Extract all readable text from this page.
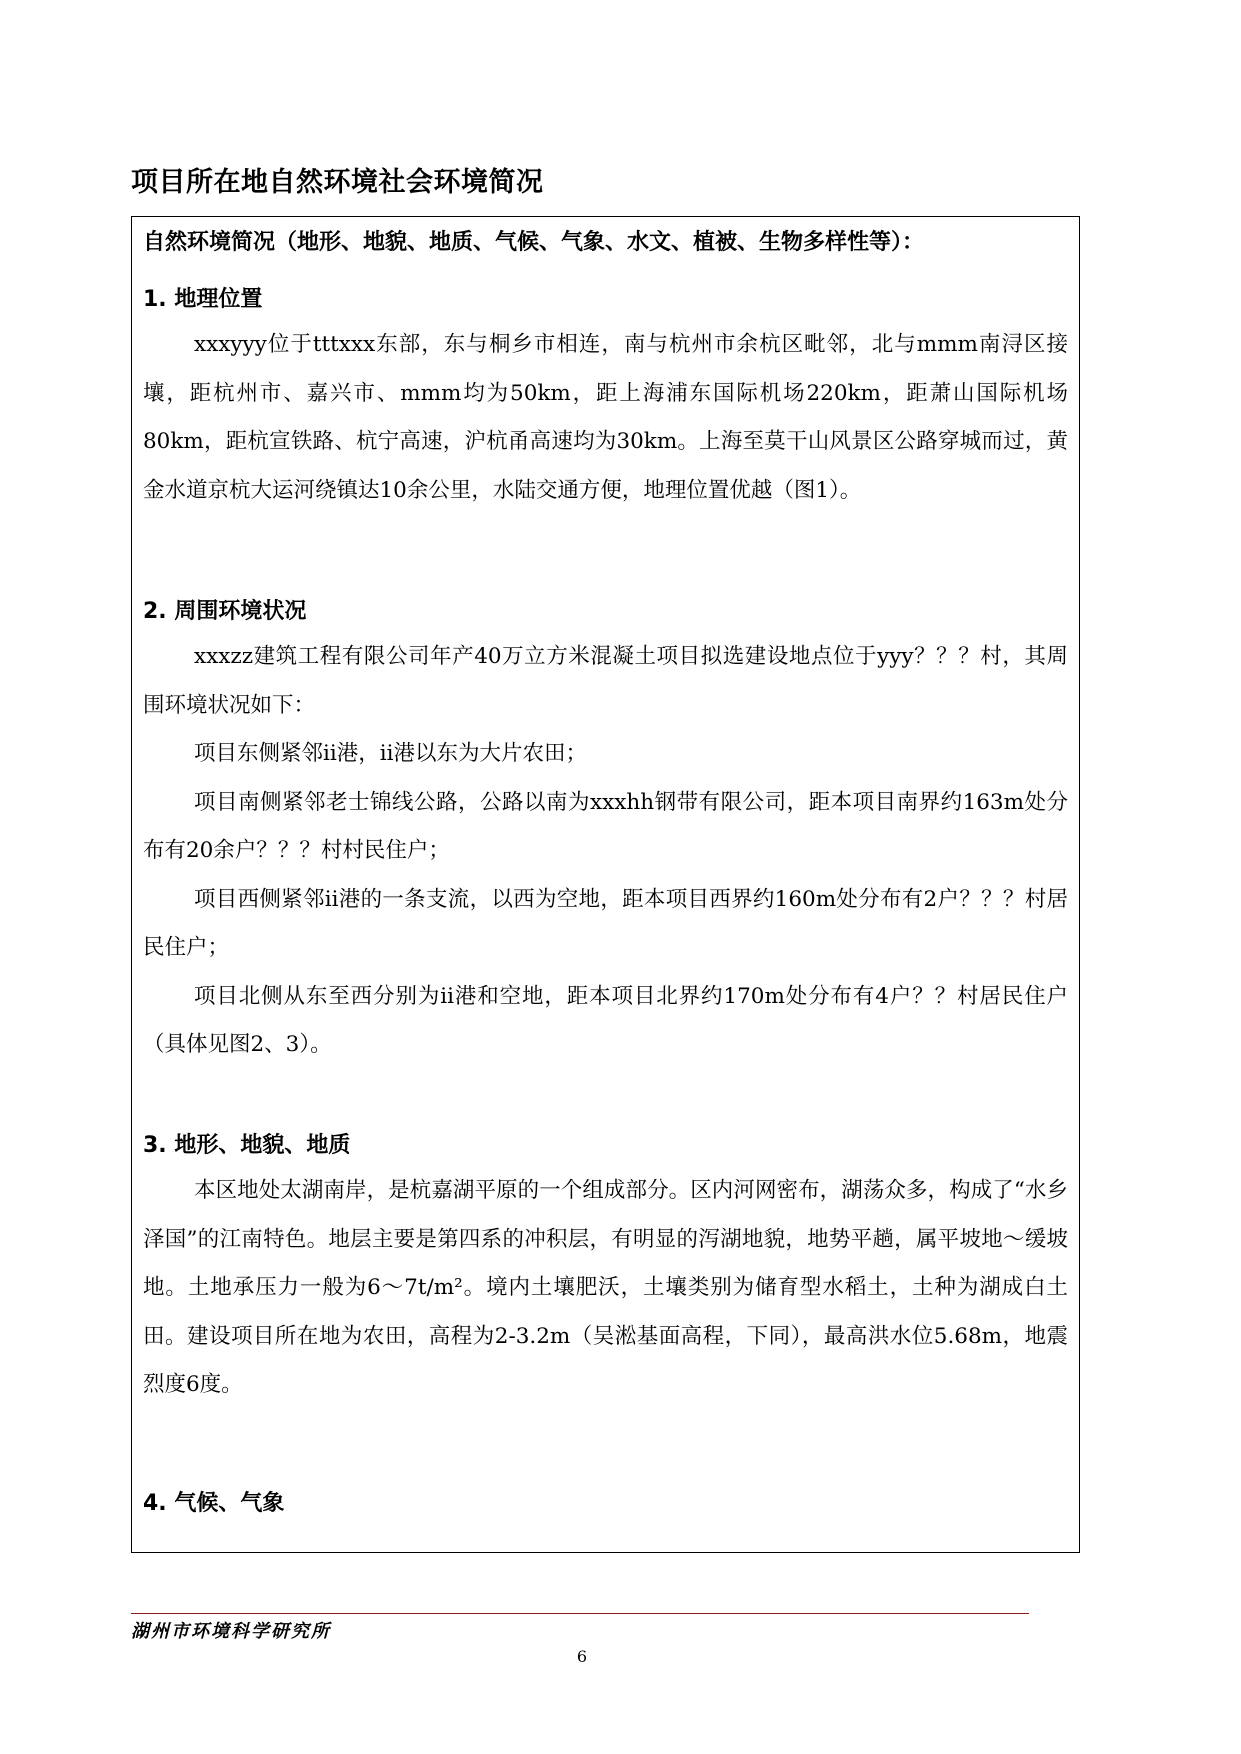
项目所在地自然环境社会环境简况

自然环境简况（地形、地貌、地质、气候、气象、水文、植被、生物多样性等）：

1. 地理位置

xxxyyy位于tttxxx东部，东与桐乡市相连，南与杭州市余杭区毗邻，北与mmm南浔区接壤，距杭州市、嘉兴市、mmm均为50km，距上海浦东国际机场220km，距萧山国际机场80km，距杭宣铁路、杭宁高速，沪杭甬高速均为30km。上海至莫干山风景区公路穿城而过，黄金水道京杭大运河绕镇达10余公里，水陆交通方便，地理位置优越（图1）。

2. 周围环境状况

xxxzz建筑工程有限公司年产40万立方米混凝土项目拟选建设地点位于yyy？？？村，其周围环境状况如下：

项目东侧紧邻ii港，ii港以东为大片农田；

项目南侧紧邻老士锦线公路，公路以南为xxxhh钢带有限公司，距本项目南界约163m处分布有20余户？？？村村民住户；

项目西侧紧邻ii港的一条支流，以西为空地，距本项目西界约160m处分布有2户？？？村居民住户；

项目北侧从东至西分别为ii港和空地，距本项目北界约170m处分布有4户？？村居民住户（具体见图2、3）。

3. 地形、地貌、地质

本区地处太湖南岸，是杭嘉湖平原的一个组成部分。区内河网密布，湖荡众多，构成了“水乡泽国”的江南特色。地层主要是第四系的冲积层，有明显的泻湖地貌，地势平趟，属平坡地～缓坡地。土地承压力一般为6～7t/m²。境内土壤肥沃，土壤类别为储育型水稻土，土种为湖成白土田。建设项目所在地为农田，高程为2-3.2m（吴淞基面高程，下同），最高洪水位5.68m，地震烈度6度。

4. 气候、气象
湖州市环境科学研究所
6
